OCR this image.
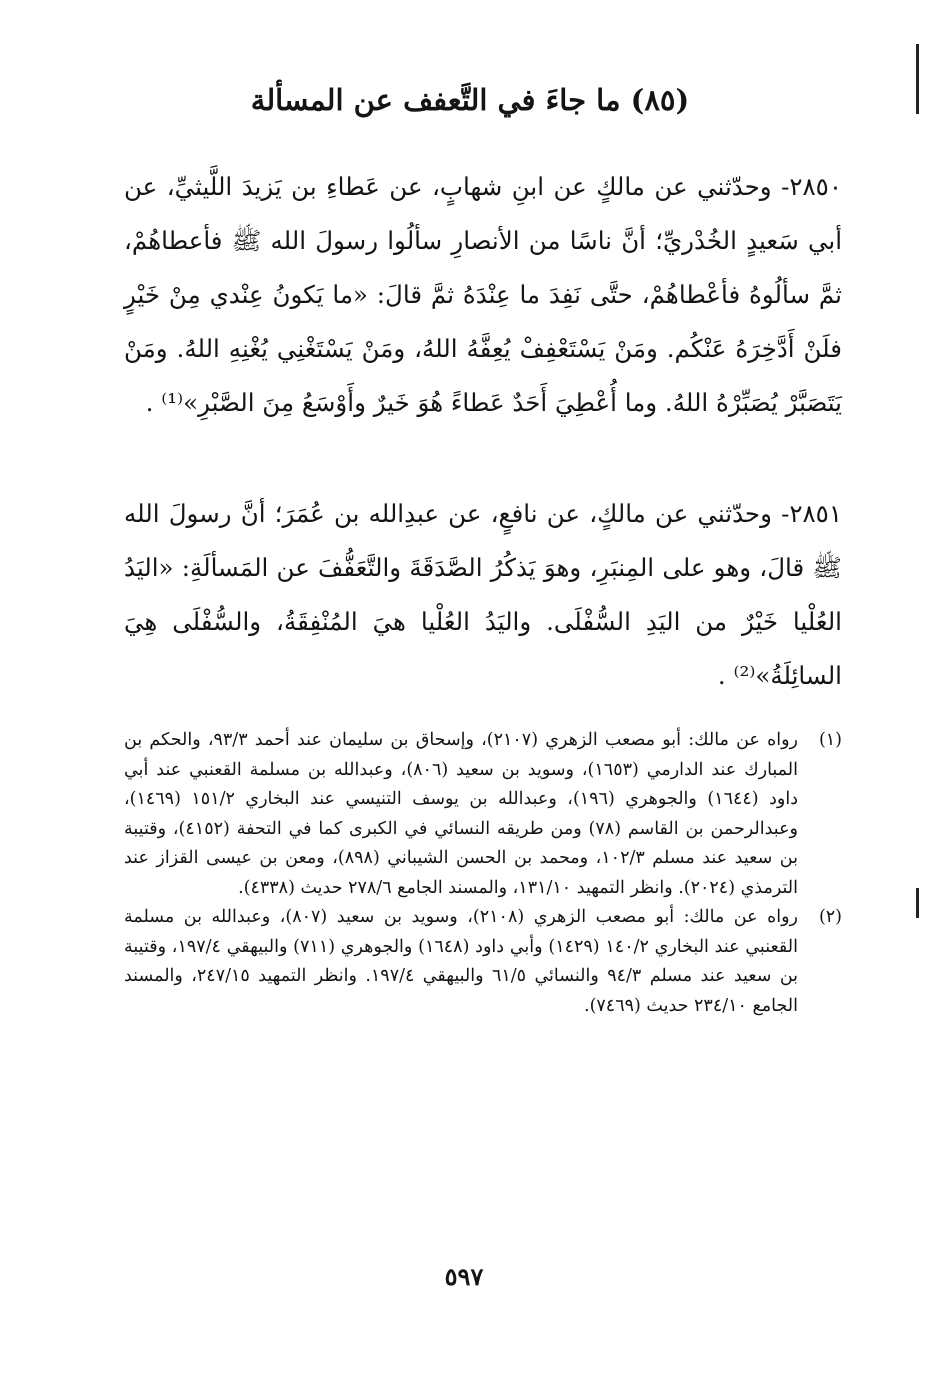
(٨٥) ما جاءَ في التَّعفف عن المسألة

٢٨٥٠- وحدّثني عن مالكٍ عن ابنِ شهابٍ، عن عَطاءِ بن يَزيدَ اللَّيثيِّ، عن أبي سَعيدٍ الخُدْريِّ؛ أنَّ ناسًا من الأنصارِ سألُوا رسولَ الله ﷺ فأعطاهُمْ، ثمَّ سألُوهُ فأعْطاهُمْ، حتَّى نَفِدَ ما عِنْدَهُ ثمَّ قالَ: «ما يَكونُ عِنْدي مِنْ خَيْرٍ فلَنْ أَدَّخِرَهُ عَنْكُم. ومَنْ يَسْتَعْفِفْ يُعِفَّهُ اللهُ، ومَنْ يَسْتَغْنِي يُغْنِهِ اللهُ. ومَنْ يَتَصَبَّرْ يُصَبِّرْهُ اللهُ. وما أُعْطِيَ أَحَدٌ عَطاءً هُوَ خَيرٌ وأَوْسَعُ مِنَ الصَّبْرِ»⁽¹⁾ .

٢٨٥١- وحدّثني عن مالكٍ، عن نافعٍ، عن عبدِالله بن عُمَرَ؛ أنَّ رسولَ الله ﷺ قالَ، وهو على المِنبَرِ، وهوَ يَذكُرُ الصَّدَقَةَ والتَّعَفُّفَ عن المَسألَةِ: «اليَدُ العُلْيا خَيْرٌ من اليَدِ السُّفْلَى. واليَدُ العُلْيا هيَ المُنْفِقَةُ، والسُّفْلَى هِيَ السائِلَةُ»⁽²⁾ .

(١)

رواه عن مالك: أبو مصعب الزهري (٢١٠٧)، وإسحاق بن سليمان عند أحمد ٩٣/٣، والحكم بن المبارك عند الدارمي (١٦٥٣)، وسويد بن سعيد (٨٠٦)، وعبدالله بن مسلمة القعنبي عند أبي داود (١٦٤٤) والجوهري (١٩٦)، وعبدالله بن يوسف التنيسي عند البخاري ١٥١/٢ (١٤٦٩)، وعبدالرحمن بن القاسم (٧٨) ومن طريقه النسائي في الكبرى كما في التحفة (٤١٥٢)، وقتيبة بن سعيد عند مسلم ١٠٢/٣، ومحمد بن الحسن الشيباني (٨٩٨)، ومعن بن عيسى القزاز عند الترمذي (٢٠٢٤). وانظر التمهيد ١٣١/١٠، والمسند الجامع ٢٧٨/٦ حديث (٤٣٣٨).

(٢)

رواه عن مالك: أبو مصعب الزهري (٢١٠٨)، وسويد بن سعيد (٨٠٧)، وعبدالله بن مسلمة القعنبي عند البخاري ١٤٠/٢ (١٤٢٩) وأبي داود (١٦٤٨) والجوهري (٧١١) والبيهقي ١٩٧/٤، وقتيبة بن سعيد عند مسلم ٩٤/٣ والنسائي ٦١/٥ والبيهقي ١٩٧/٤. وانظر التمهيد ٢٤٧/١٥، والمسند الجامع ٢٣٤/١٠ حديث (٧٤٦٩).

٥٩٧
